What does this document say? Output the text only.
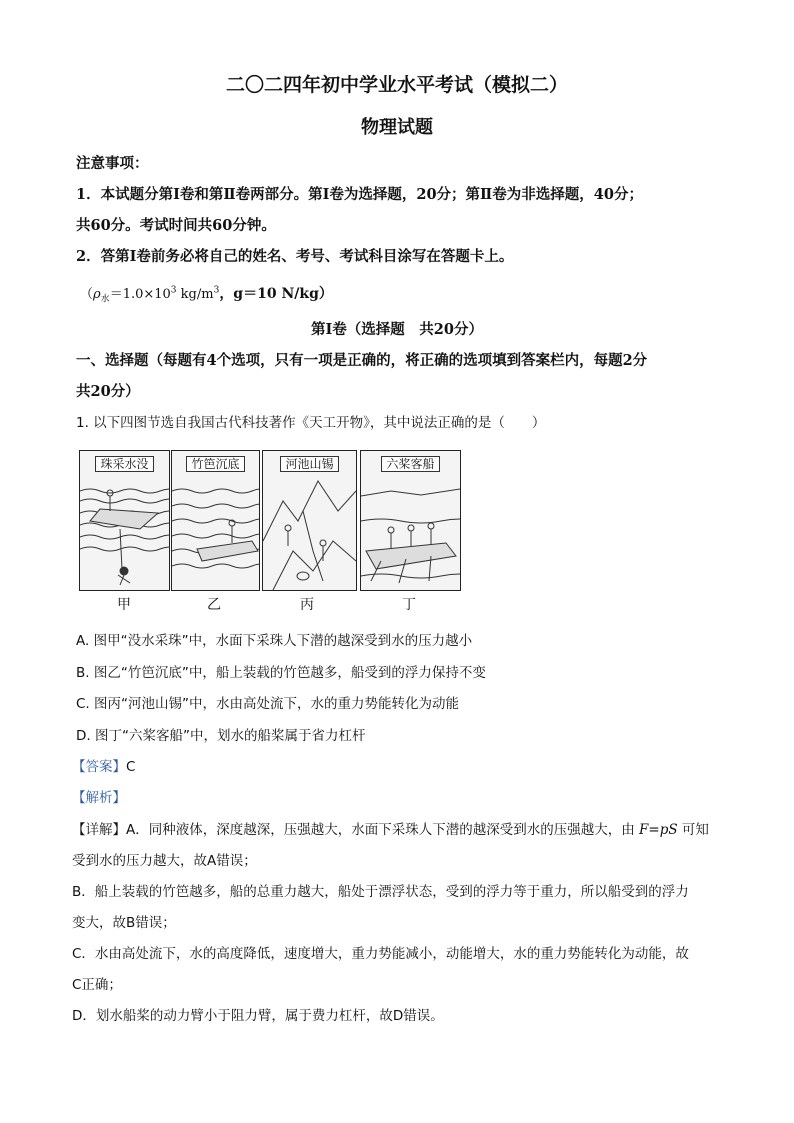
二〇二四年初中学业水平考试（模拟二）
物理试题
注意事项：
1．本试题分第Ⅰ卷和第Ⅱ卷两部分。第Ⅰ卷为选择题，20分；第Ⅱ卷为非选择题，40分；
共60分。考试时间共60分钟。
2．答第Ⅰ卷前务必将自己的姓名、考号、考试科目涂写在答题卡上。
（$\rho_水=1.0\times 10^3$ $kg/m^3$，g＝10 N/kg）
第Ⅰ卷（选择题　共20分）
一、选择题（每题有4个选项，只有一项是正确的，将正确的选项填到答案栏内，每题2分
共20分）
1. 以下四图节选自我国古代科技著作《天工开物》，其中说法正确的是（　　）
珠采水没	竹笆沉底	河池山锡	六桨客船
甲	乙	丙	丁
A. 图甲“没水采珠”中，水面下采珠人下潜的越深受到水的压力越小
B. 图乙“竹笆沉底”中，船上装载的竹笆越多，船受到的浮力保持不变
C. 图丙“河池山锡”中，水由高处流下，水的重力势能转化为动能
D. 图丁“六桨客船”中，划水的船桨属于省力杠杆
【答案】C
【解析】
【详解】A．同种液体，深度越深，压强越大，水面下采珠人下潜的越深受到水的压强越大，由 F=pS 可知
受到水的压力越大，故A错误；
B．船上装载的竹笆越多，船的总重力越大，船处于漂浮状态，受到的浮力等于重力，所以船受到的浮力
变大，故B错误；
C．水由高处流下，水的高度降低，速度增大，重力势能减小，动能增大，水的重力势能转化为动能，故
C正确；
D．划水船桨的动力臂小于阻力臂，属于费力杠杆，故D错误。
